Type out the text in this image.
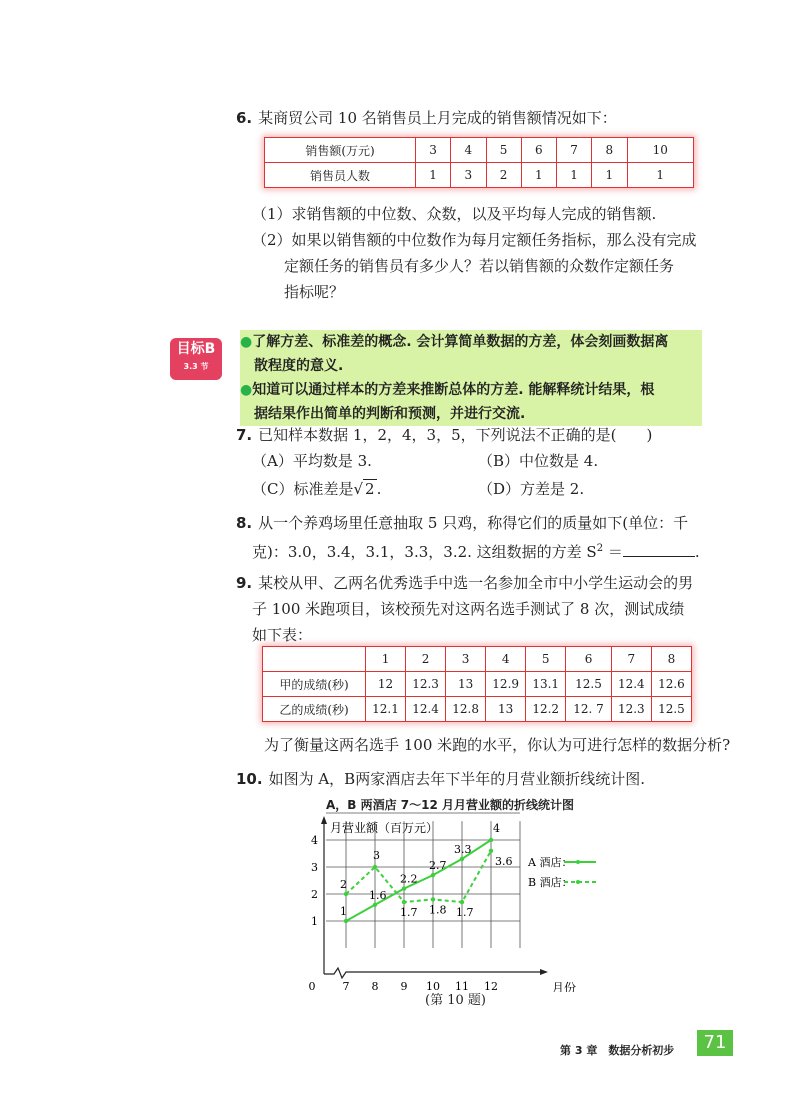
6. 某商贸公司 10 名销售员上月完成的销售额情况如下：
销售额(万元)	3	4	5	6	7	8	10
销售员人数	1	3	2	1	1	1	1
（1）求销售额的中位数、众数，以及平均每人完成的销售额.
（2）如果以销售额的中位数作为每月定额任务指标，那么没有完成
定额任务的销售员有多少人？若以销售额的众数作定额任务
指标呢？
目标B
3.3 节
●了解方差、标准差的概念. 会计算简单数据的方差，体会刻画数据离
散程度的意义.
●知道可以通过样本的方差来推断总体的方差. 能解释统计结果，根
据结果作出简单的判断和预测，并进行交流.
7. 已知样本数据 1，2，4，3，5，下列说法不正确的是(　　)
（A）平均数是 3.	（B）中位数是 4.
（C）标准差是√ 2 .	（D）方差是 2.
8. 从一个养鸡场里任意抽取 5 只鸡，称得它们的质量如下(单位：千
克)：3.0，3.4，3.1，3.3，3.2. 这组数据的方差 $S^2$ ＝	.
9. 某校从甲、乙两名优秀选手中选一名参加全市中小学生运动会的男
子 100 米跑项目，该校预先对这两名选手测试了 8 次，测试成绩
如下表：
	1	2	3	4	5	6	7	8
甲的成绩(秒)	12	12.3	13	12.9	13.1	12.5	12.4	12.6
乙的成绩(秒)	12.1	12.4	12.8	13	12.2	12. 7	12.3	12.5
为了衡量这两名选手 100 米跑的水平，你认为可进行怎样的数据分析?
10. 如图为 A，B两家酒店去年下半年的月营业额折线统计图.
A，B 两酒店 7～12 月月营业额的折线统计图
7 8 9 10 11 12
1
2
3
4
0
月营业额（百万元）
月份
1
1.6
2.2
2.7
3.3
4
2
3
1.7 1.8 1.7
3.6 A 酒店：
B 酒店：
(第 10 题)
第 3 章　数据分析初步	71
